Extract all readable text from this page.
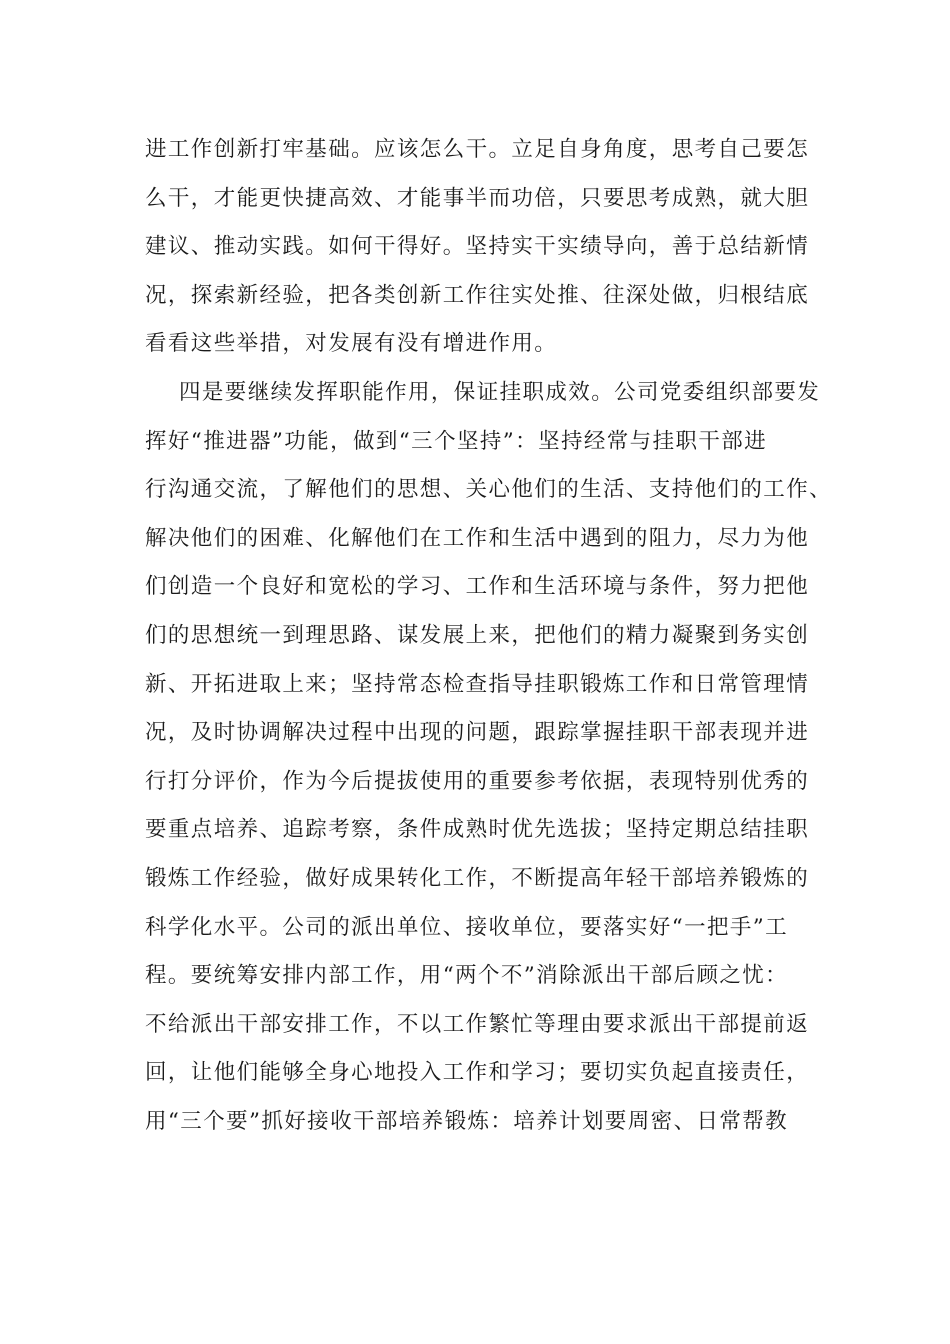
进工作创新打牢基础。应该怎么干。立足自身角度，思考自己要怎
么干，才能更快捷高效、才能事半而功倍，只要思考成熟，就大胆
建议、推动实践。如何干得好。坚持实干实绩导向，善于总结新情
况，探索新经验，把各类创新工作往实处推、往深处做，归根结底
看看这些举措，对发展有没有增进作用。
四是要继续发挥职能作用，保证挂职成效。公司党委组织部要发
挥好“推进器”功能，做到“三个坚持”：坚持经常与挂职干部进
行沟通交流，了解他们的思想、关心他们的生活、支持他们的工作、
解决他们的困难、化解他们在工作和生活中遇到的阻力，尽力为他
们创造一个良好和宽松的学习、工作和生活环境与条件，努力把他
们的思想统一到理思路、谋发展上来，把他们的精力凝聚到务实创
新、开拓进取上来；坚持常态检查指导挂职锻炼工作和日常管理情
况，及时协调解决过程中出现的问题，跟踪掌握挂职干部表现并进
行打分评价，作为今后提拔使用的重要参考依据，表现特别优秀的
要重点培养、追踪考察，条件成熟时优先选拔；坚持定期总结挂职
锻炼工作经验，做好成果转化工作，不断提高年轻干部培养锻炼的
科学化水平。公司的派出单位、接收单位，要落实好“一把手”工
程。要统筹安排内部工作，用“两个不”消除派出干部后顾之忧：
不给派出干部安排工作，不以工作繁忙等理由要求派出干部提前返
回，让他们能够全身心地投入工作和学习；要切实负起直接责任，
用“三个要”抓好接收干部培养锻炼：培养计划要周密、日常帮教
